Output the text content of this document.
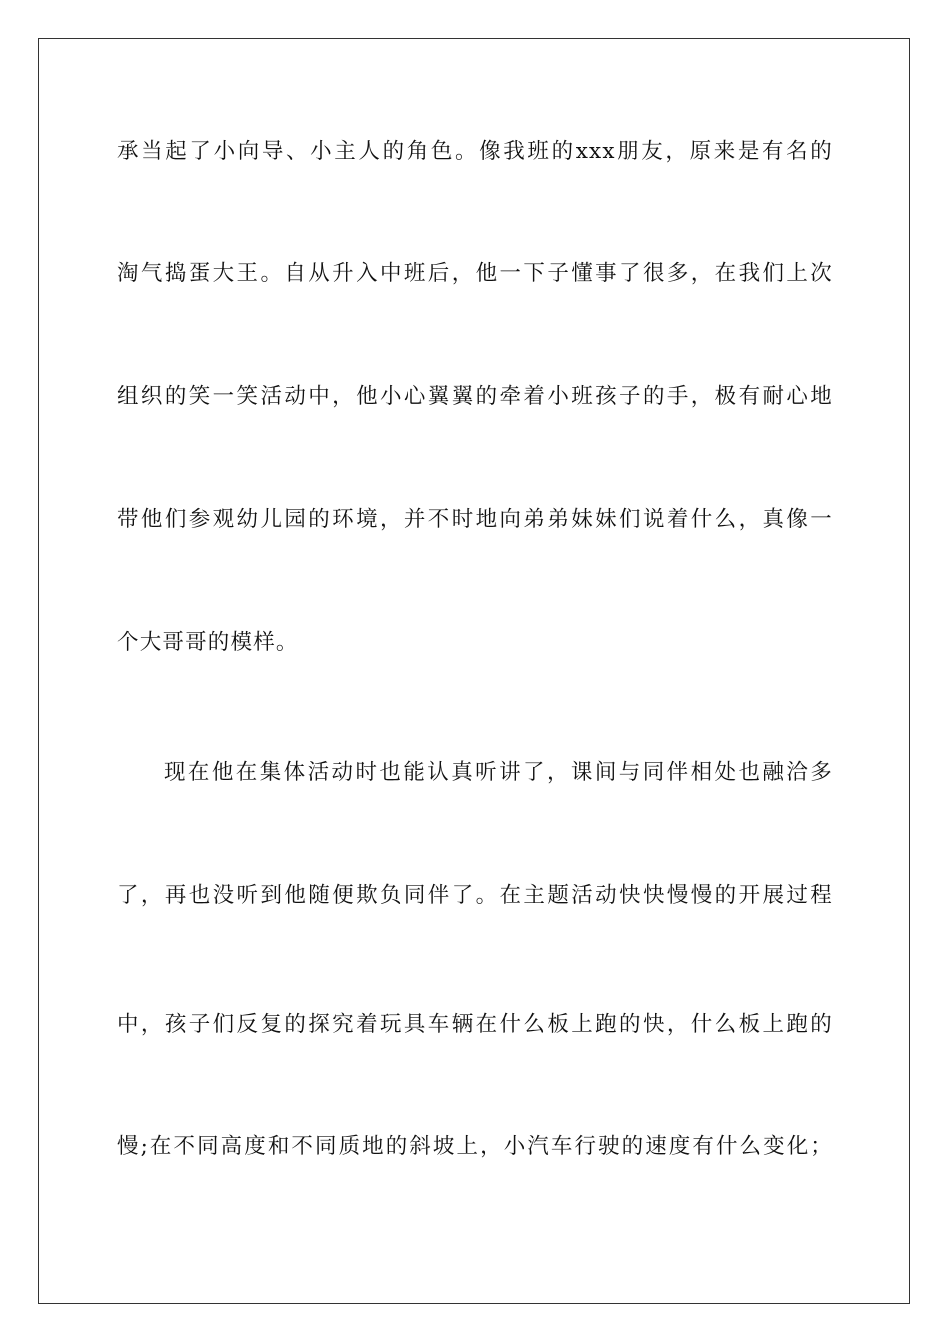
承当起了小向导、小主人的角色。像我班的xxx朋友，原来是有名的
淘气捣蛋大王。自从升入中班后，他一下子懂事了很多，在我们上次
组织的笑一笑活动中，他小心翼翼的牵着小班孩子的手，极有耐心地
带他们参观幼儿园的环境，并不时地向弟弟妹妹们说着什么，真像一
个大哥哥的模样。
现在他在集体活动时也能认真听讲了，课间与同伴相处也融洽多
了，再也没听到他随便欺负同伴了。在主题活动快快慢慢的开展过程
中，孩子们反复的探究着玩具车辆在什么板上跑的快，什么板上跑的
慢;在不同高度和不同质地的斜坡上，小汽车行驶的速度有什么变化；
